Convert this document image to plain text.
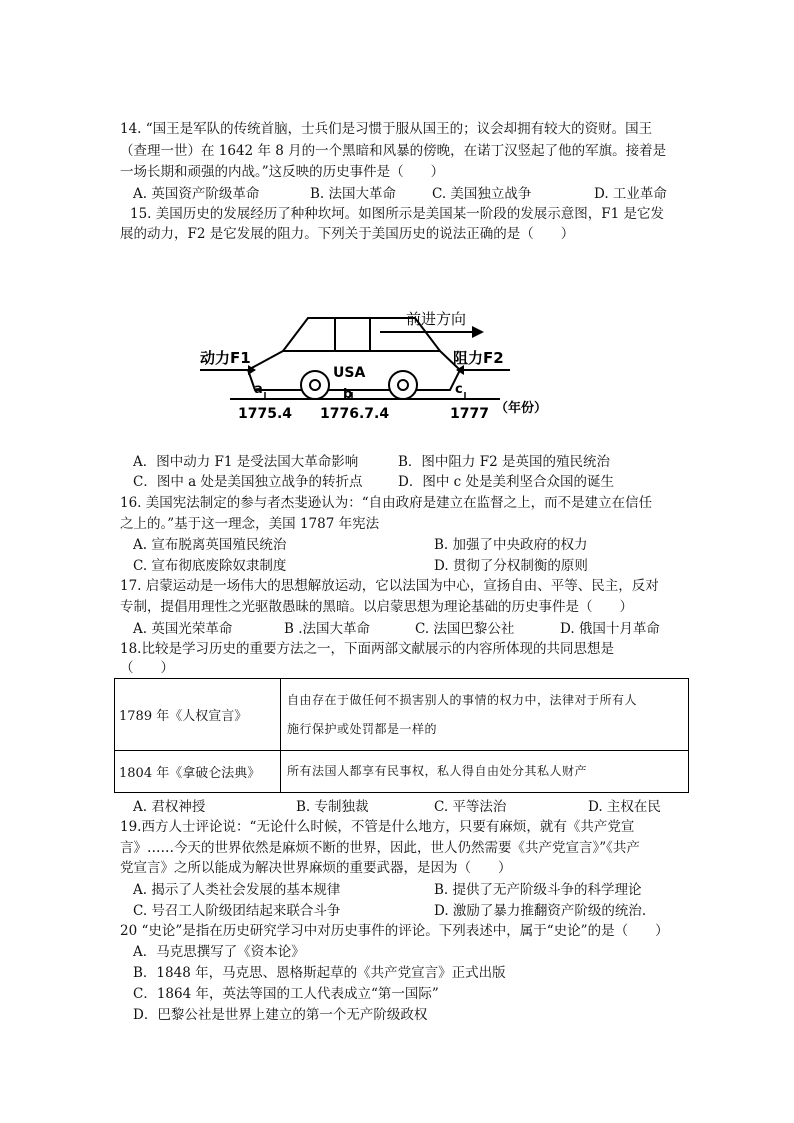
14. “国王是军队的传统首脑，士兵们是习惯于服从国王的；议会却拥有较大的资财。国王
（查理一世）在 1642 年 8 月的一个黑暗和风暴的傍晚，在诺丁汉竖起了他的军旗。接着是
一场长期和顽强的内战。”这反映的历史事件是（　　）
A. 英国资产阶级革命	B. 法国大革命	C. 美国独立战争	D. 工业革命
15. 美国历史的发展经历了种种坎坷。如图所示是美国某一阶段的发展示意图，F1 是它发
展的动力，F2 是它发展的阻力。下列关于美国历史的说法正确的是（　　）
前进方向
动力F1	阻力F2
USA
a	b	c
1775.4 1776.7.4	1777 （年份）
A．图中动力 F1 是受法国大革命影响	B．图中阻力 F2 是英国的殖民统治
C．图中 a 处是美国独立战争的转折点	D．图中 c 处是美利坚合众国的诞生
16. 美国宪法制定的参与者杰斐逊认为：“自由政府是建立在监督之上，而不是建立在信任
之上的。”基于这一理念，美国 1787 年宪法
A. 宣布脱离英国殖民统治	B. 加强了中央政府的权力
C. 宣布彻底废除奴隶制度	D. 贯彻了分权制衡的原则
17. 启蒙运动是一场伟大的思想解放运动，它以法国为中心，宣扬自由、平等、民主，反对
专制，提倡用理性之光驱散愚昧的黑暗。以启蒙思想为理论基础的历史事件是（　　）
A. 英国光荣革命	B .法国大革命	C. 法国巴黎公社	D. 俄国十月革命
18.比较是学习历史的重要方法之一，下面两部文献展示的内容所体现的共同思想是
（　　）
1789 年《人权宣言》	自由存在于做任何不损害别人的事情的权力中，法律对于所有人
施行保护或处罚都是一样的

1804 年《拿破仑法典》	所有法国人都享有民事权，私人得自由处分其私人财产
A. 君权神授	B. 专制独裁	C. 平等法治	D. 主权在民
19.西方人士评论说：“无论什么时候，不管是什么地方，只要有麻烦，就有《共产党宣
言》……今天的世界依然是麻烦不断的世界，因此，世人仍然需要《共产党宣言》”《共产
党宣言》之所以能成为解决世界麻烦的重要武器，是因为（　　）
A. 揭示了人类社会发展的基本规律	B. 提供了无产阶级斗争的科学理论
C. 号召工人阶级团结起来联合斗争	D. 激励了暴力推翻资产阶级的统治.
20 “史论”是指在历史研究学习中对历史事件的评论。下列表述中，属于“史论”的是（　　）
A．马克思撰写了《资本论》
B．1848 年，马克思、恩格斯起草的《共产党宣言》正式出版
C．1864 年，英法等国的工人代表成立“第一国际”
D．巴黎公社是世界上建立的第一个无产阶级政权
